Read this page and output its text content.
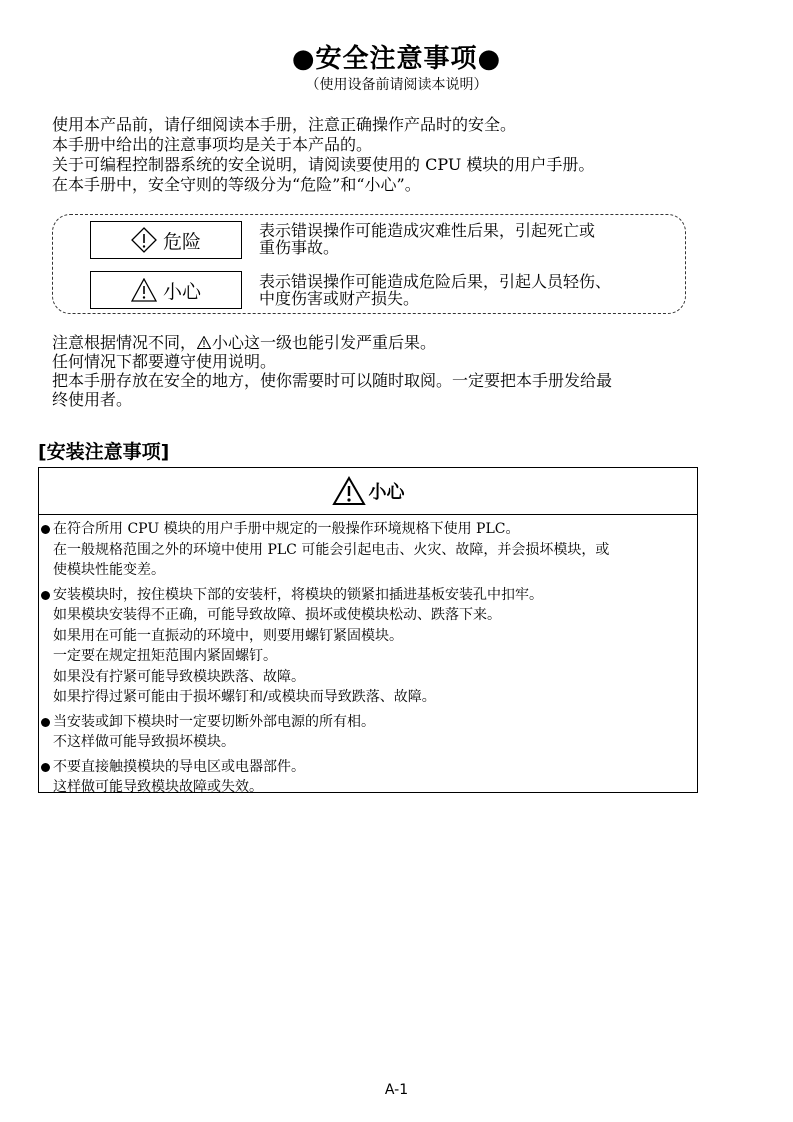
●安全注意事项●
（使用设备前请阅读本说明）
使用本产品前，请仔细阅读本手册，注意正确操作产品时的安全。
本手册中给出的注意事项均是关于本产品的。
关于可编程控制器系统的安全说明，请阅读要使用的 CPU 模块的用户手册。
在本手册中，安全守则的等级分为“危险”和“小心”。
危险	表示错误操作可能造成灾难性后果，引起死亡或
重伤事故。
小心	表示错误操作可能造成危险后果，引起人员轻伤、
中度伤害或财产损失。
注意根据情况不同， 小心这一级也能引发严重后果。
任何情况下都要遵守使用说明。
把本手册存放在安全的地方，使你需要时可以随时取阅。一定要把本手册发给最
终使用者。
[安装注意事项]
小心
在符合所用 CPU 模块的用户手册中规定的一般操作环境规格下使用 PLC。
在一般规格范围之外的环境中使用 PLC 可能会引起电击、火灾、故障，并会损坏模块，或
使模块性能变差。
安装模块时，按住模块下部的安装杆，将模块的锁紧扣插进基板安装孔中扣牢。
如果模块安装得不正确，可能导致故障、损坏或使模块松动、跌落下来。
如果用在可能一直振动的环境中，则要用螺钉紧固模块。
一定要在规定扭矩范围内紧固螺钉。
如果没有拧紧可能导致模块跌落、故障。
如果拧得过紧可能由于损坏螺钉和/或模块而导致跌落、故障。
当安装或卸下模块时一定要切断外部电源的所有相。
不这样做可能导致损坏模块。
不要直接触摸模块的导电区或电器部件。
这样做可能导致模块故障或失效。
A-1
